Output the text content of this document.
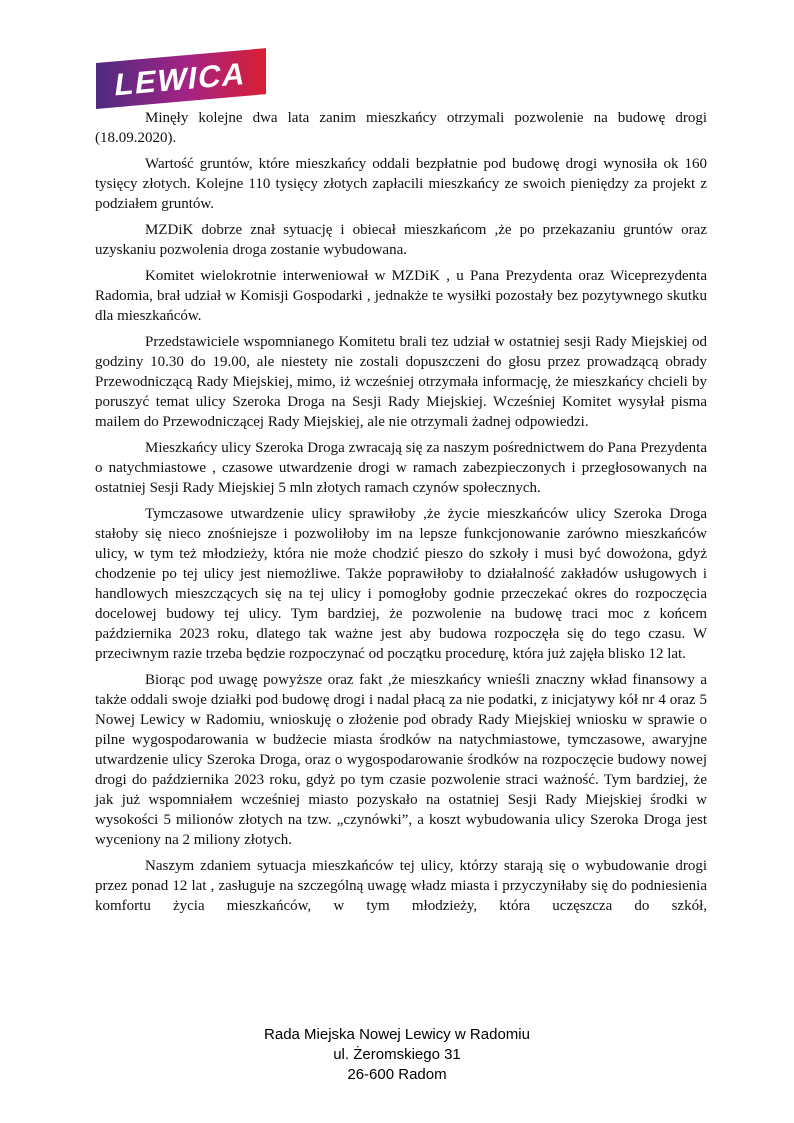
LEWICA

Minęły kolejne dwa lata zanim mieszkańcy otrzymali pozwolenie na budowę drogi (18.09.2020).

Wartość gruntów, które mieszkańcy oddali bezpłatnie pod budowę drogi wynosiła ok 160 tysięcy złotych. Kolejne 110 tysięcy złotych zapłacili mieszkańcy ze swoich pieniędzy za projekt z podziałem gruntów.

MZDiK dobrze znał sytuację i obiecał mieszkańcom ,że po przekazaniu gruntów oraz uzyskaniu pozwolenia droga zostanie wybudowana.

Komitet wielokrotnie interweniował w MZDiK , u Pana Prezydenta oraz Wiceprezydenta Radomia, brał udział w Komisji Gospodarki , jednakże te wysiłki pozostały bez pozytywnego skutku dla mieszkańców.

Przedstawiciele wspomnianego Komitetu brali tez udział w ostatniej sesji Rady Miejskiej od godziny 10.30 do 19.00, ale niestety nie zostali dopuszczeni do głosu przez prowadzącą obrady Przewodniczącą Rady Miejskiej, mimo, iż wcześniej otrzymała informację, że mieszkańcy chcieli by poruszyć temat ulicy Szeroka Droga na Sesji Rady Miejskiej. Wcześniej Komitet wysyłał pisma mailem do Przewodniczącej Rady Miejskiej, ale nie otrzymali żadnej odpowiedzi.

Mieszkańcy ulicy Szeroka Droga zwracają się za naszym pośrednictwem do Pana Prezydenta o natychmiastowe , czasowe utwardzenie drogi w ramach zabezpieczonych i przegłosowanych na ostatniej Sesji Rady Miejskiej 5 mln złotych ramach czynów społecznych.

Tymczasowe utwardzenie ulicy sprawiłoby ,że życie mieszkańców ulicy Szeroka Droga stałoby się nieco znośniejsze i pozwoliłoby im na lepsze funkcjonowanie zarówno mieszkańców ulicy, w tym też młodzieży, która nie może chodzić pieszo do szkoły i musi być dowożona, gdyż chodzenie po tej ulicy jest niemożliwe. Także poprawiłoby to działalność zakładów usługowych i handlowych mieszczących się na tej ulicy i pomogłoby godnie przeczekać okres do rozpoczęcia docelowej budowy tej ulicy. Tym bardziej, że pozwolenie na budowę traci moc z końcem października 2023 roku, dlatego tak ważne jest aby budowa rozpoczęła się do tego czasu. W przeciwnym razie trzeba będzie rozpoczynać od początku procedurę, która już zajęła blisko 12 lat.

Biorąc pod uwagę powyższe oraz fakt ,że mieszkańcy wnieśli znaczny wkład finansowy a także oddali swoje działki pod budowę drogi i nadal płacą za nie podatki, z inicjatywy kół nr 4 oraz 5 Nowej Lewicy w Radomiu, wnioskuję o złożenie pod obrady Rady Miejskiej wniosku w sprawie o pilne wygospodarowania w budżecie miasta środków na natychmiastowe, tymczasowe, awaryjne utwardzenie ulicy Szeroka Droga, oraz o wygospodarowanie środków na rozpoczęcie budowy nowej drogi do października 2023 roku, gdyż po tym czasie pozwolenie straci ważność. Tym bardziej, że jak już wspomniałem wcześniej miasto pozyskało na ostatniej Sesji Rady Miejskiej środki w wysokości 5 milionów złotych na tzw. „czynówki”, a koszt wybudowania ulicy Szeroka Droga jest wyceniony na 2 miliony złotych.

Naszym zdaniem sytuacja mieszkańców tej ulicy, którzy starają się o wybudowanie drogi przez ponad 12 lat , zasługuje na szczególną uwagę władz miasta i przyczyniłaby się do podniesienia komfortu życia mieszkańców, w tym młodzieży, która uczęszcza do szkół,

Rada Miejska Nowej Lewicy w Radomiu
ul. Żeromskiego 31
26-600 Radom
